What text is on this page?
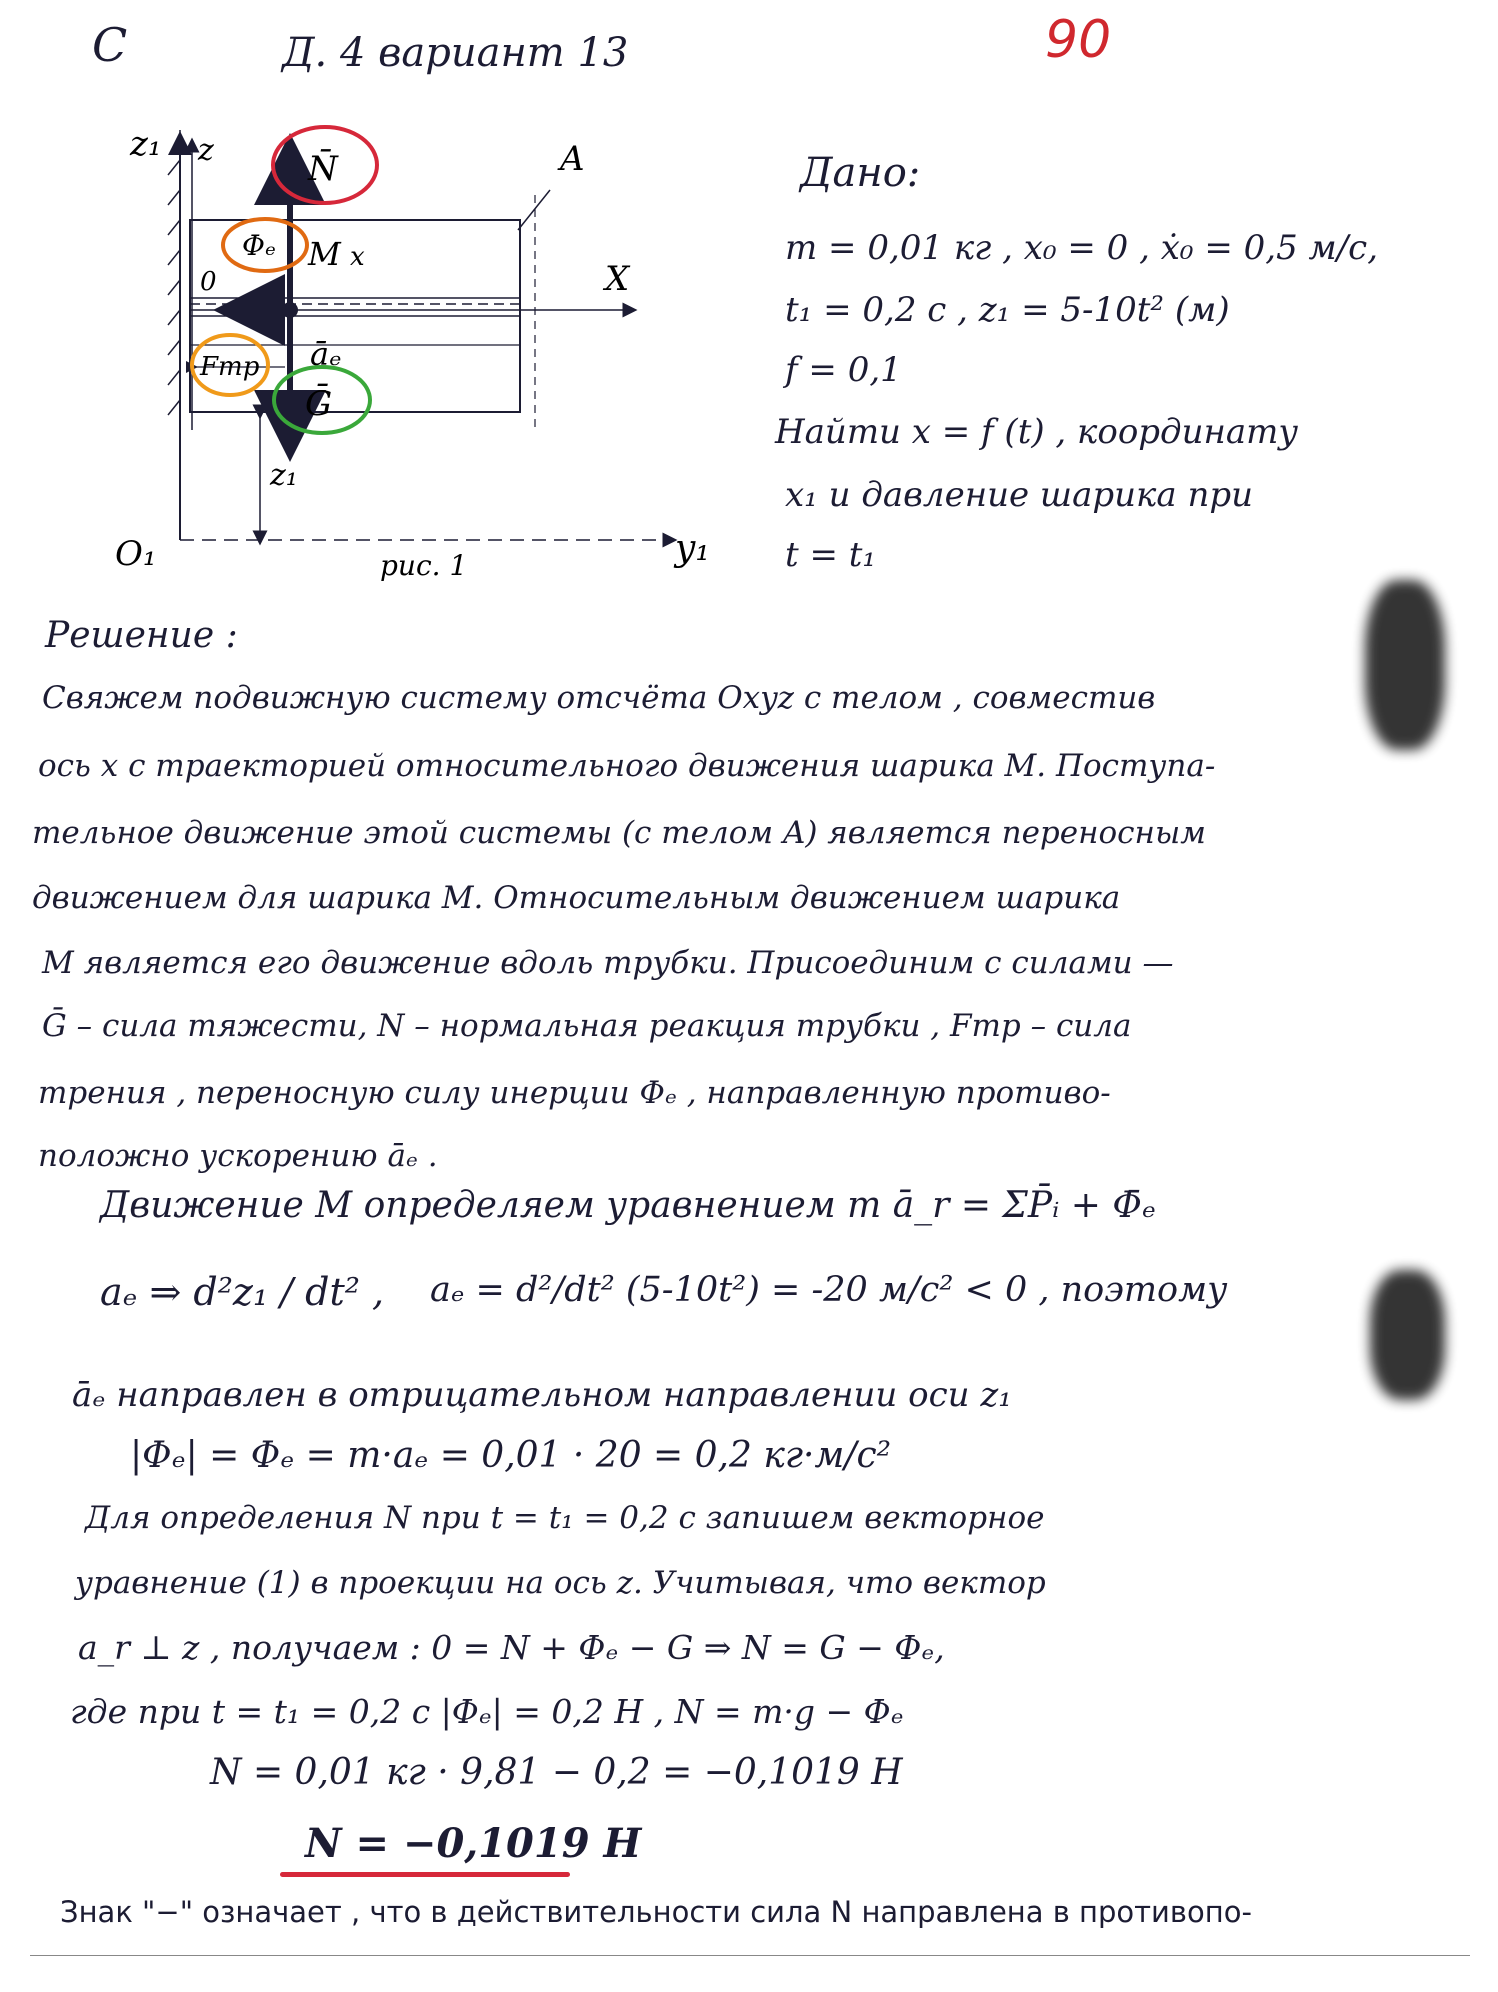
C	Д. 4 вариант 13	90
z₁ z	A
N̄
Φₑ M x
0	X
Fтр āₑ
Ḡ
z₁
O₁	y₁
рис. 1
Дано:
m = 0,01 кг , x₀ = 0 , ẋ₀ = 0,5 м/с,
t₁ = 0,2 с , z₁ = 5-10t² (м)
f = 0,1
Найти x = f (t) , координату
x₁ и давление шарика при
t = t₁
Решение :
Свяжем подвижную систему отсчёта Oxyz с телом , совместив
ось x с траекторией относительного движения шарика M. Поступа-
тельное движение этой системы (с телом A) является переносным
движением для шарика M. Относительным движением шарика
M является его движение вдоль трубки. Присоединим с силами —
Ḡ – сила тяжести, N – нормальная реакция трубки , Fтр – сила
трения , переносную силу инерции Φₑ , направленную противо-
положно ускорению āₑ .
Движение M определяем уравнением m ā_r = ΣP̄ᵢ + Φ̄ₑ
aₑ ⇒ d²z₁ / dt² , aₑ = d²/dt² (5-10t²) = -20 м/с² < 0 , поэтому
āₑ направлен в отрицательном направлении оси z₁
|Φₑ| = Φₑ = m·aₑ = 0,01 · 20 = 0,2 кг·м/с²
Для определения N при t = t₁ = 0,2 с запишем векторное
уравнение (1) в проекции на ось z. Учитывая, что вектор
a_r ⊥ z , получаем : 0 = N + Φₑ − G ⇒ N = G − Φₑ,
где при t = t₁ = 0,2 с |Φₑ| = 0,2 Н , N = m·g − Φₑ
N = 0,01 кг · 9,81 − 0,2 = −0,1019 Н
N = −0,1019 Н
Знак "−" означает , что в действительности сила N направлена в противопо-
